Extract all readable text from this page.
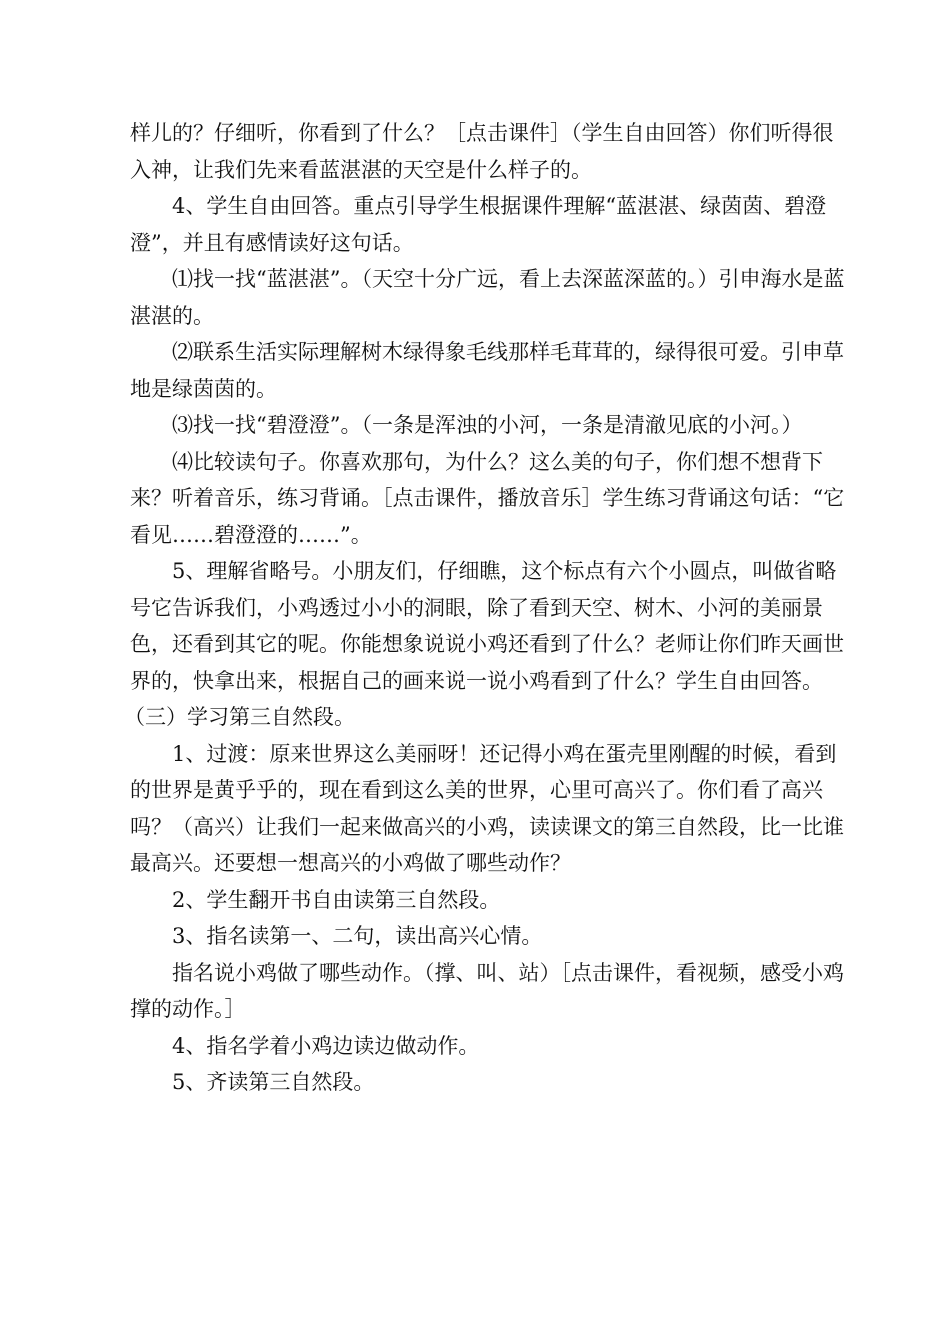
样儿的？仔细听，你看到了什么？［点击课件］（学生自由回答）你们听得很入神，让我们先来看蓝湛湛的天空是什么样子的。

4、学生自由回答。重点引导学生根据课件理解“蓝湛湛、绿茵茵、碧澄澄”，并且有感情读好这句话。

⑴找一找“蓝湛湛”。（天空十分广远，看上去深蓝深蓝的。）引申海水是蓝湛湛的。

⑵联系生活实际理解树木绿得象毛线那样毛茸茸的，绿得很可爱。引申草地是绿茵茵的。

⑶找一找“碧澄澄”。（一条是浑浊的小河，一条是清澈见底的小河。）

⑷比较读句子。你喜欢那句，为什么？这么美的句子，你们想不想背下来？听着音乐，练习背诵。［点击课件，播放音乐］学生练习背诵这句话：“它看见……碧澄澄的……”。

5、理解省略号。小朋友们，仔细瞧，这个标点有六个小圆点，叫做省略号它告诉我们，小鸡透过小小的洞眼，除了看到天空、树木、小河的美丽景色，还看到其它的呢。你能想象说说小鸡还看到了什么？老师让你们昨天画世界的，快拿出来，根据自己的画来说一说小鸡看到了什么？学生自由回答。

（三）学习第三自然段。

1、过渡：原来世界这么美丽呀！还记得小鸡在蛋壳里刚醒的时候，看到的世界是黄乎乎的，现在看到这么美的世界，心里可高兴了。你们看了高兴吗？（高兴）让我们一起来做高兴的小鸡，读读课文的第三自然段，比一比谁最高兴。还要想一想高兴的小鸡做了哪些动作？

2、学生翻开书自由读第三自然段。

3、指名读第一、二句，读出高兴心情。

指名说小鸡做了哪些动作。（撑、叫、站）［点击课件，看视频，感受小鸡撑的动作。］

4、指名学着小鸡边读边做动作。

5、齐读第三自然段。
